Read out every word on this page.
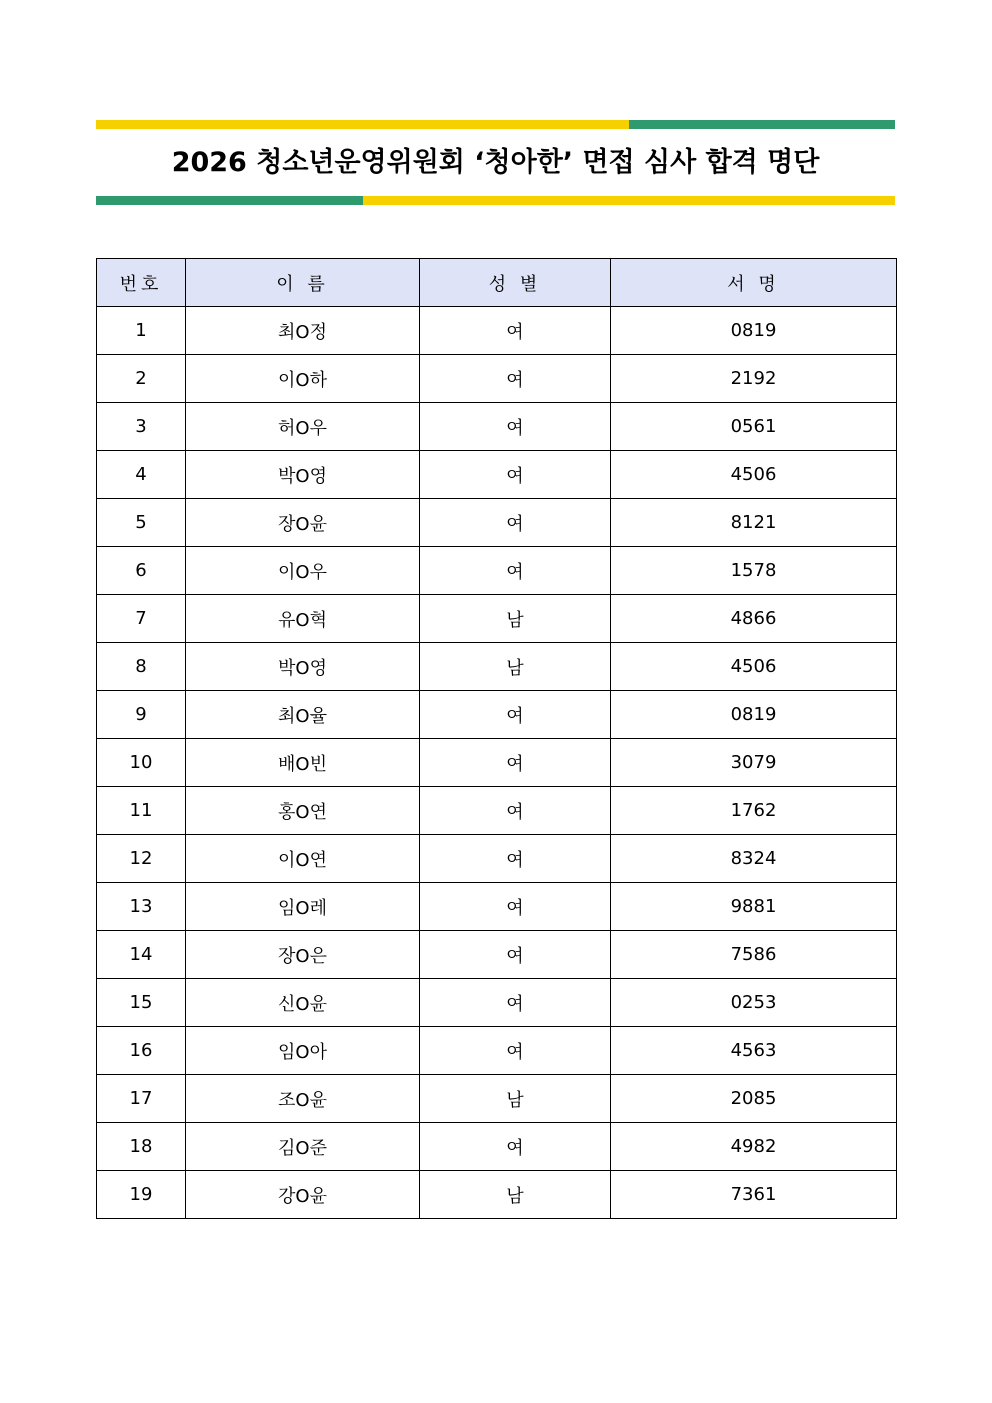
2026 청소년운영위원회 ‘청아한’ 면접 심사 합격 명단
번호	이 름	성 별	서 명
1	최O정	여	0819
2	이O하	여	2192
3	허O우	여	0561
4	박O영	여	4506
5	장O윤	여	8121
6	이O우	여	1578
7	유O혁	남	4866
8	박O영	남	4506
9	최O율	여	0819
10	배O빈	여	3079
11	홍O연	여	1762
12	이O연	여	8324
13	임O레	여	9881
14	장O은	여	7586
15	신O윤	여	0253
16	임O아	여	4563
17	조O윤	남	2085
18	김O준	여	4982
19	강O윤	남	7361
